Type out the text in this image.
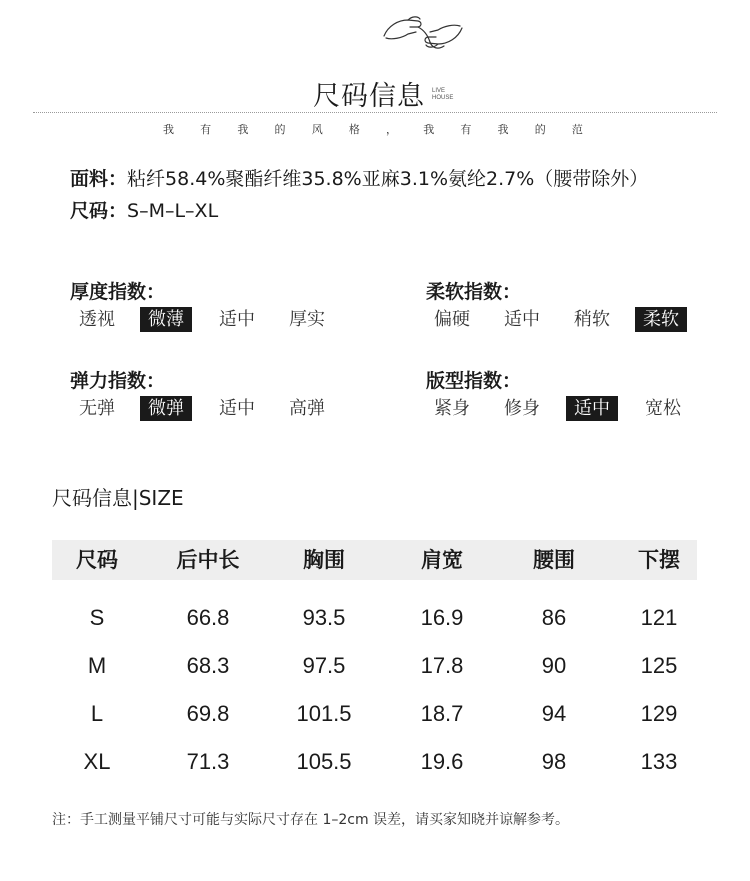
尺码信息 LIVE
HOUSE
我 有 我 的 风 格 ， 我 有 我 的 范
面料：粘纤58.4%聚酯纤维35.8%亚麻3.1%氨纶2.7%（腰带除外）
尺码：S–M–L–XL
厚度指数：
透视	微薄	适中	厚实
柔软指数：
偏硬	适中	稍软	柔软
弹力指数：
无弹	微弹	适中	高弹
版型指数：
紧身	修身	适中	宽松
尺码信息|SIZE
尺码	后中长	胸围	肩宽	腰围	下摆
S	66.8	93.5	16.9	86	121
M	68.3	97.5	17.8	90	125
L	69.8	101.5	18.7	94	129
XL	71.3	105.5	19.6	98	133
注：手工测量平铺尺寸可能与实际尺寸存在 1–2cm 误差，请买家知晓并谅解参考。
